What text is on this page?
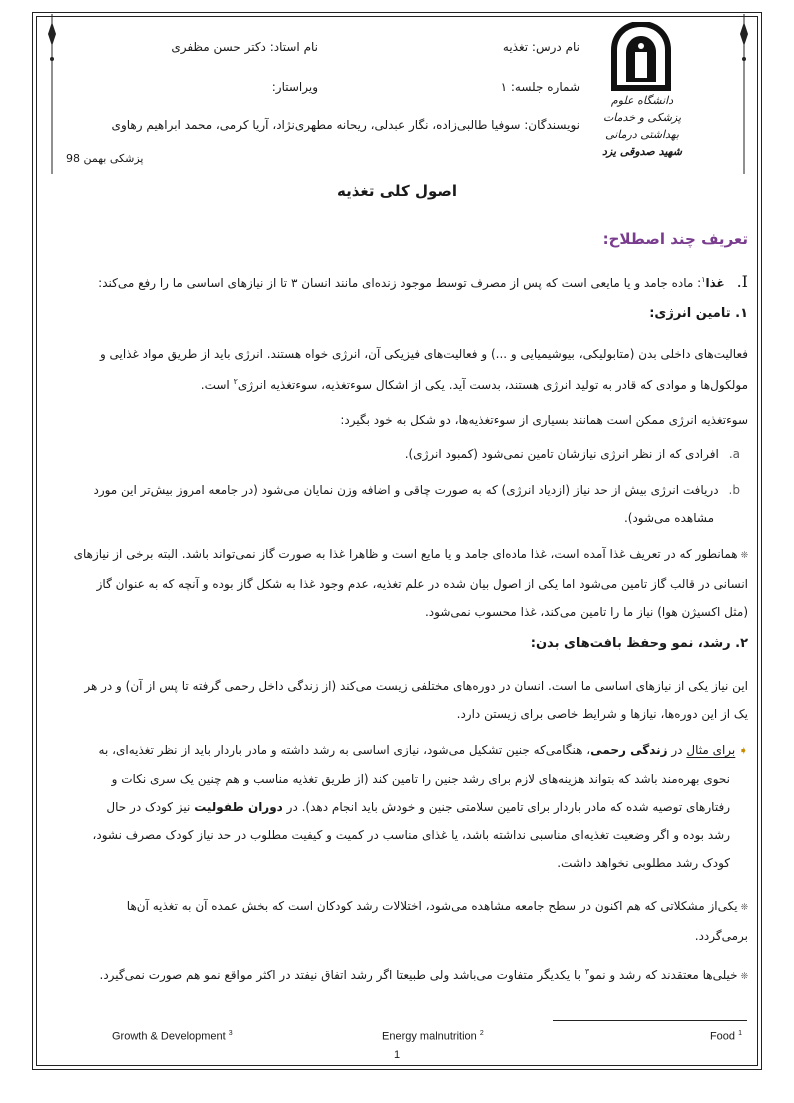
دانشگاه علوم پزشکی و خدمات بهداشتی درمانی
شهید صدوقی یزد
نام درس: تغذیه
نام استاد: دکتر حسن مظفری
شماره جلسه: ۱
ویراستار:
نویسندگان: سوفیا طالبی‌زاده، نگار عبدلی، ریحانه مطهری‌نژاد، آریا کرمی، محمد ابراهیم رهاوی
پزشکی بهمن 98
اصول کلی تغذیه
تعریف چند اصطلاح:
I. غذا$^۱$: ماده جامد و یا مایعی است که پس از مصرف توسط موجود زنده‌ای مانند انسان ۳ تا از نیازهای اساسی ما را رفع می‌کند:
۱. تامین انرژی:
فعالیت‌های داخلی بدن (متابولیکی، بیوشیمیایی و ...) و فعالیت‌های فیزیکی آن، انرژی خواه هستند. انرژی باید از طریق مواد غذایی و
مولکول‌ها و موادی که قادر به تولید انرژی هستند، بدست آید. یکی از اشکال سوءتغذیه، سوءتغذیه انرژی$^۲$ است.
سوءتغذیه انرژی ممکن است همانند بسیاری از سوءتغذیه‌ها، دو شکل به خود بگیرد:
a.افرادی که از نظر انرژی نیازشان تامین نمی‌شود (کمبود انرژی).
b.دریافت انرژی بیش از حد نیاز (ازدیاد انرژی) که به صورت چاقی و اضافه وزن نمایان می‌شود (در جامعه امروز بیش‌تر این مورد
مشاهده می‌شود).
❊ همانطور که در تعریف غذا آمده است، غذا ماده‌ای جامد و یا مایع است و ظاهرا غذا به صورت گاز نمی‌تواند باشد. البته برخی از نیازهای
انسانی در قالب گاز تامین می‌شود اما یکی از اصول بیان شده در علم تغذیه، عدم وجود غذا به شکل گاز بوده و آنچه که به عنوان گاز
(مثل اکسیژن هوا) نیاز ما را تامین می‌کند، غذا محسوب نمی‌شود.
۲. رشد، نمو وحفظ بافت‌های بدن:
این نیاز یکی از نیازهای اساسی ما است. انسان در دوره‌های مختلفی زیست می‌کند (از زندگی داخل رحمی گرفته تا پس از آن) و در هر
یک از این دوره‌ها، نیازها و شرایط خاصی برای زیستن دارد.
➧ برای مثال در زندگی رحمی، هنگامی‌که جنین تشکیل می‌شود، نیازی اساسی به رشد داشته و مادر باردار باید از نظر تغذیه‌ای، به
نحوی بهره‌مند باشد که بتواند هزینه‌های لازم برای رشد جنین را تامین کند (از طریق تغذیه مناسب و هم چنین یک سری نکات و
رفتارهای توصیه شده که مادر باردار برای تامین سلامتی جنین و خودش باید انجام دهد). در دوران طفولیت نیز کودک در حال
رشد بوده و اگر وضعیت تغذیه‌ای مناسبی نداشته باشد، یا غذای مناسب در کمیت و کیفیت مطلوب در حد نیاز کودک مصرف نشود،
کودک رشد مطلوبی نخواهد داشت.
❊ یکی‌از مشکلاتی که هم اکنون در سطح جامعه مشاهده می‌شود، اختلالات رشد کودکان است که بخش عمده آن به تغذیه آن‌ها
برمی‌گردد.
❊ خیلی‌ها معتقدند که رشد و نمو$^۳$ با یکدیگر متفاوت می‌باشد ولی طبیعتا اگر رشد اتفاق نیفتد در اکثر مواقع نمو هم صورت نمی‌گیرد.
Food $^1$
Energy malnutrition $^2$
Growth & Development $^3$
1
